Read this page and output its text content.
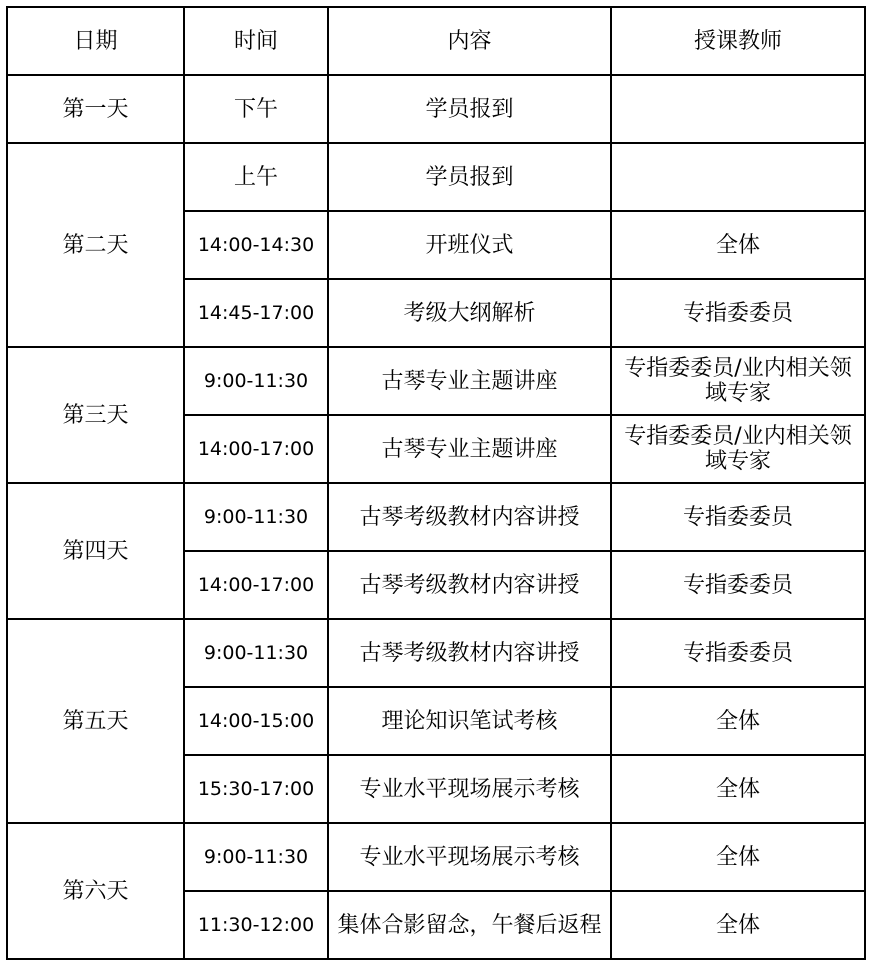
日期	时间	内容	授课教师
第一天	下午	学员报到	
第二天	上午	学员报到	
	14:00-14:30	开班仪式	全体
	14:45-17:00	考级大纲解析	专指委委员
第三天	9:00-11:30	古琴专业主题讲座	专指委委员/业内相关领域专家
	14:00-17:00	古琴专业主题讲座	专指委委员/业内相关领域专家
第四天	9:00-11:30	古琴考级教材内容讲授	专指委委员
	14:00-17:00	古琴考级教材内容讲授	专指委委员
第五天	9:00-11:30	古琴考级教材内容讲授	专指委委员
	14:00-15:00	理论知识笔试考核	全体
	15:30-17:00	专业水平现场展示考核	全体
第六天	9:00-11:30	专业水平现场展示考核	全体
	11:30-12:00	集体合影留念，午餐后返程	全体
